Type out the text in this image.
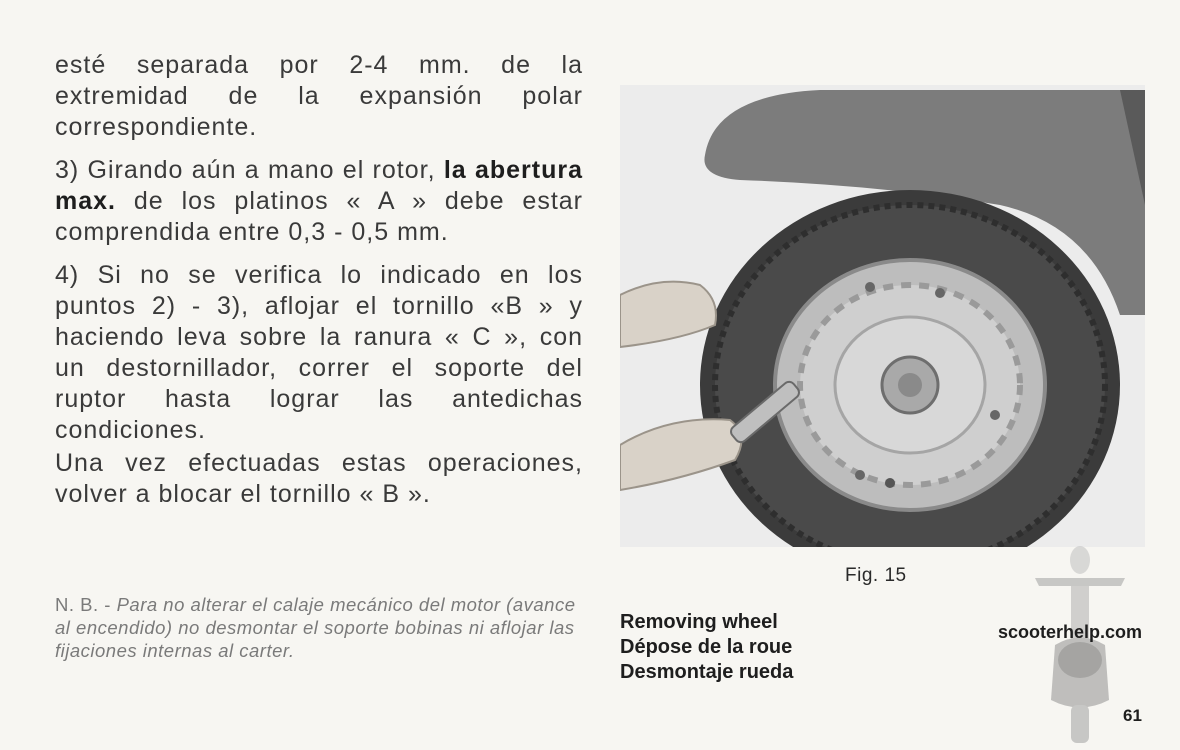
esté separada por 2-4 mm. de la extremidad de la expansión polar correspondiente.

3) Girando aún a mano el rotor, la abertura max. de los platinos « A » debe estar comprendida entre 0,3 - 0,5 mm.

4) Si no se verifica lo indicado en los puntos 2) - 3), aflojar el tornillo «B » y haciendo leva sobre la ranura « C », con un destornillador, correr el soporte del ruptor hasta lograr las antedichas condiciones.

Una vez efectuadas estas operaciones, volver a blocar el tornillo « B ».

N. B. - Para no alterar el calaje mecánico del motor (avance al encendido) no desmontar el soporte bobinas ni aflojar las fijaciones internas al carter.
Fig. 15
Removing wheel
Dépose de la roue
Desmontaje rueda
scooterhelp.com
61
